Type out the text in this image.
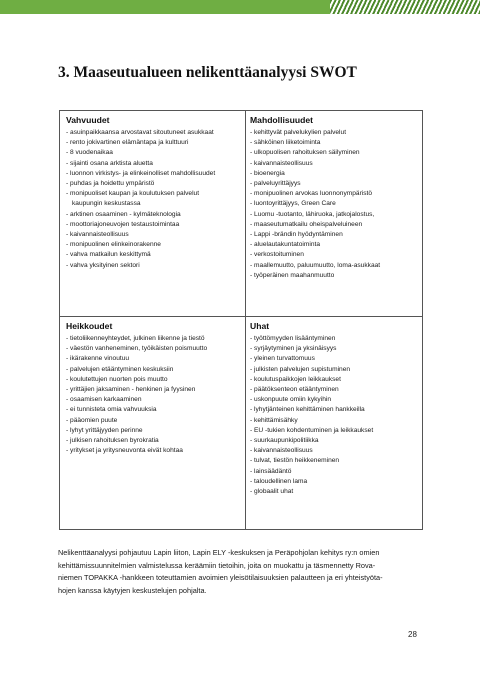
3. Maaseutualueen nelikenttäanalyysi SWOT
Vahvuudet
- asuinpaikkaansa arvostavat sitoutuneet asukkaat
- rento jokivartinen elämäntapa ja kulttuuri
- 8 vuodenaikaa
- sijainti osana arktista aluetta
- luonnon virkistys- ja elinkeinolliset mahdollisuudet
- puhdas ja hoidettu ympäristö
- monipuoliset kaupan ja koulutuksen palvelut
kaupungin keskustassa
- arktinen osaaminen - kylmäteknologia
- moottoriajoneuvojen testaustoimintaa
- kaivannaisteollisuus
- monipuolinen elinkeinorakenne
- vahva matkailun keskittymä
- vahva yksityinen sektori
Mahdollisuudet
- kehittyvät palvelukylien palvelut
- sähköinen liiketoiminta
- ulkopuolisen rahoituksen säilyminen
- kaivannaisteollisuus
- bioenergia
- palveluyrittäjyys
- monipuolinen arvokas luonnonympäristö
- luontoyrittäjyys, Green Care
- Luomu -tuotanto, lähiruoka, jatkojalostus,
- maaseutumatkailu oheispalveluineen
- Lappi -brändin hyödyntäminen
- aluelautakuntatoiminta
- verkostoituminen
- maallemuutto, paluumuutto, loma-asukkaat
- työperäinen maahanmuutto
Heikkoudet
- tietoliikenneyhteydet, julkinen liikenne ja tiestö
- väestön vanheneminen, työikäisten poismuutto
- ikärakenne vinoutuu
- palvelujen etääntyminen keskuksiin
- koulutettujen nuorten pois muutto
- yrittäjien jaksaminen - henkinen ja fyysinen
- osaamisen karkaaminen
- ei tunnisteta omia vahvuuksia
- pääomien puute
- lyhyt yrittäjyyden perinne
- julkisen rahoituksen byrokratia
- yritykset ja yritysneuvonta eivät kohtaa
Uhat
- työttömyyden lisääntyminen
- syrjäytyminen ja yksinäisyys
- yleinen turvattomuus
- julkisten palvelujen supistuminen
- koulutuspaikkojen leikkaukset
- päätöksenteon etääntyminen
- uskonpuute omiin kykyihin
- lyhytjänteinen kehittäminen hankkeilla
- kehittämisähky
- EU -tukien kohdentuminen ja leikkaukset
- suurkaupunkipolitiikka
- kaivannaisteollisuus
- tulvat, tiestön heikkeneminen
- lainsäädäntö
- taloudellinen lama
- globaalit uhat

Nelikenttäanalyysi pohjautuu Lapin liiton, Lapin ELY -keskuksen ja Peräpohjolan kehitys ry:n omien
kehittämissuunnitelmien valmistelussa keräämiin tietoihin, joita on muokattu ja täsmennetty Rova-
niemen TOPAKKA -hankkeen toteuttamien avoimien yleisötilaisuuksien palautteen ja eri yhteistyöta-
hojen kanssa käytyjen keskustelujen pohjalta.

28
